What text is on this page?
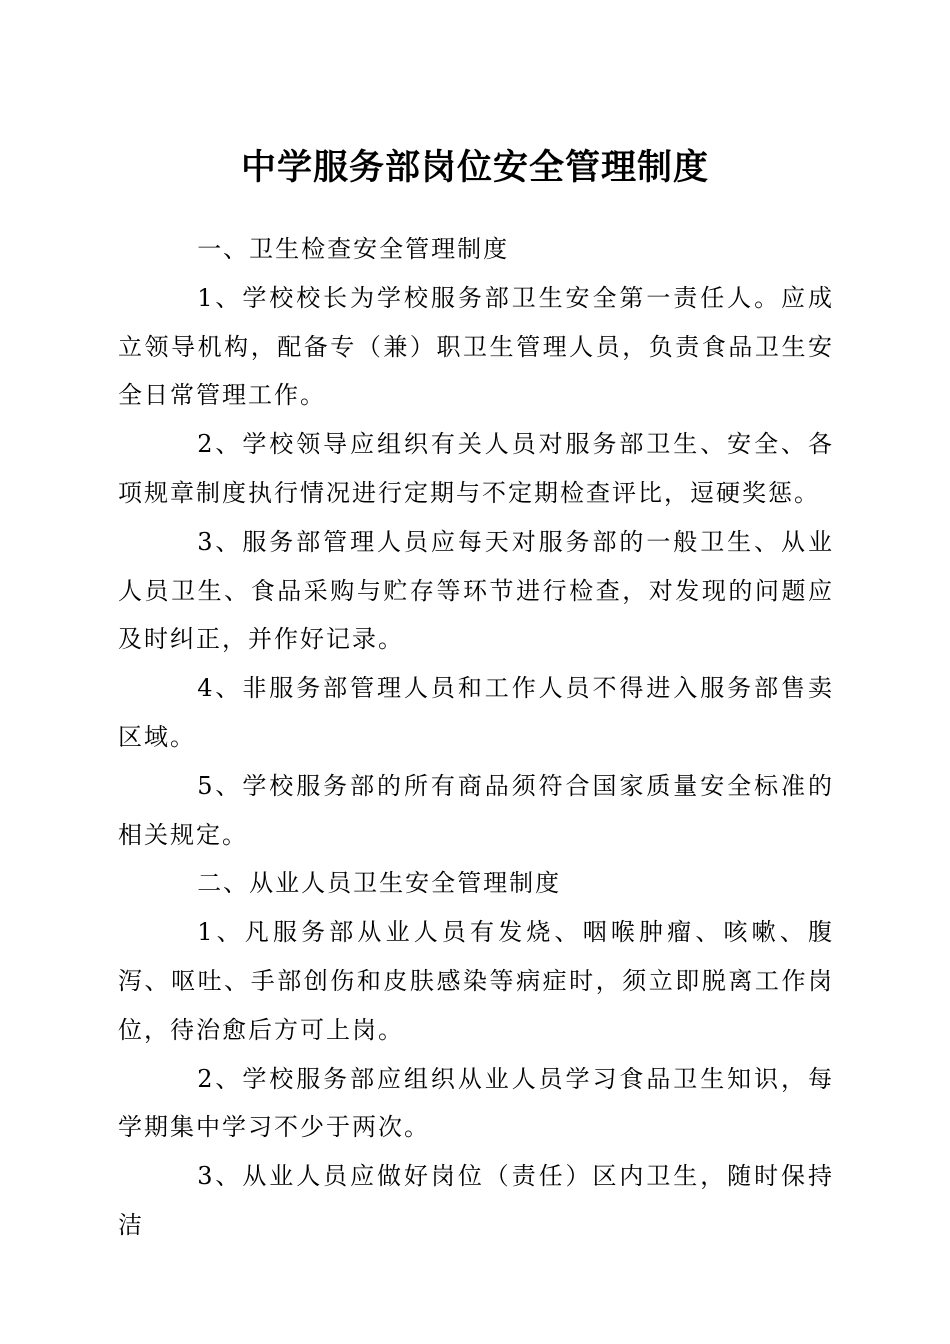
中学服务部岗位安全管理制度

一、卫生检查安全管理制度

1、学校校长为学校服务部卫生安全第一责任人。应成立领导机构，配备专（兼）职卫生管理人员，负责食品卫生安全日常管理工作。

2、学校领导应组织有关人员对服务部卫生、安全、各项规章制度执行情况进行定期与不定期检查评比，逗硬奖惩。

3、服务部管理人员应每天对服务部的一般卫生、从业人员卫生、食品采购与贮存等环节进行检查，对发现的问题应及时纠正，并作好记录。

4、非服务部管理人员和工作人员不得进入服务部售卖区域。

5、学校服务部的所有商品须符合国家质量安全标准的相关规定。

二、从业人员卫生安全管理制度

1、凡服务部从业人员有发烧、咽喉肿瘤、咳嗽、腹泻、呕吐、手部创伤和皮肤感染等病症时，须立即脱离工作岗位，待治愈后方可上岗。

2、学校服务部应组织从业人员学习食品卫生知识，每学期集中学习不少于两次。

3、从业人员应做好岗位（责任）区内卫生，随时保持洁
